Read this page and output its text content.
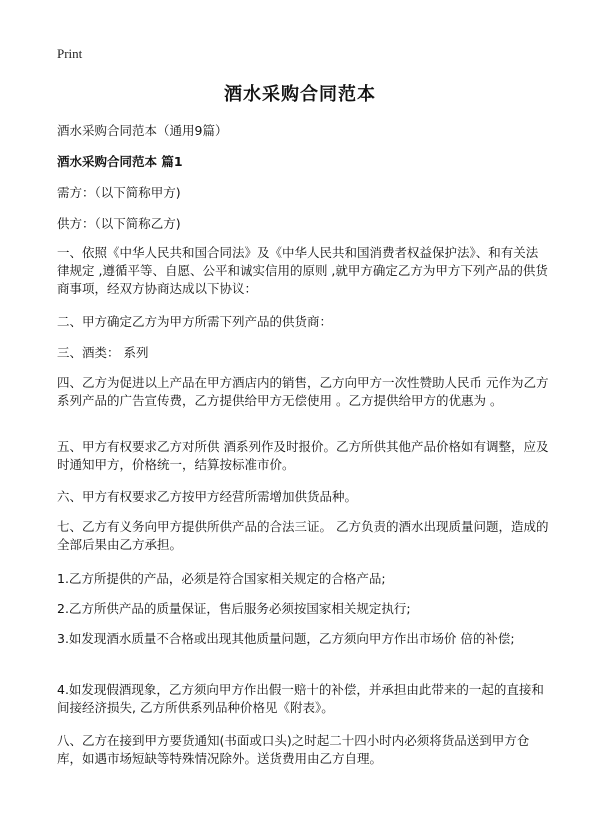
Print
酒水采购合同范本

酒水采购合同范本（通用9篇）

酒水采购合同范本 篇1

需方：（以下简称甲方)

供方：（以下简称乙方)

一、依照《中华人民共和国合同法》及《中华人民共和国消费者权益保护法》、和有关法律规定 ,遵循平等、自愿、公平和诚实信用的原则 ,就甲方确定乙方为甲方下列产品的供货商事项，经双方协商达成以下协议：

二、甲方确定乙方为甲方所需下列产品的供货商：

三、酒类： 系列

四、乙方为促进以上产品在甲方酒店内的销售，乙方向甲方一次性赞助人民币 元作为乙方系列产品的广告宣传费，乙方提供给甲方无偿使用 。乙方提供给甲方的优惠为 。

五、甲方有权要求乙方对所供 酒系列作及时报价。乙方所供其他产品价格如有调整，应及时通知甲方，价格统一，结算按标准市价。

六、甲方有权要求乙方按甲方经营所需增加供货品种。

七、乙方有义务向甲方提供所供产品的合法三证。 乙方负责的酒水出现质量问题，造成的全部后果由乙方承担。

1.乙方所提供的产品，必须是符合国家相关规定的合格产品;

2.乙方所供产品的质量保证，售后服务必须按国家相关规定执行;

3.如发现酒水质量不合格或出现其他质量问题，乙方须向甲方作出市场价 倍的补偿;

4.如发现假酒现象，乙方须向甲方作出假一赔十的补偿，并承担由此带来的一起的直接和间接经济损失, 乙方所供系列品种价格见《附表》。

八、乙方在接到甲方要货通知(书面或口头)之时起二十四小时内必须将货品送到甲方仓库，如遇市场短缺等特殊情况除外。送货费用由乙方自理。
